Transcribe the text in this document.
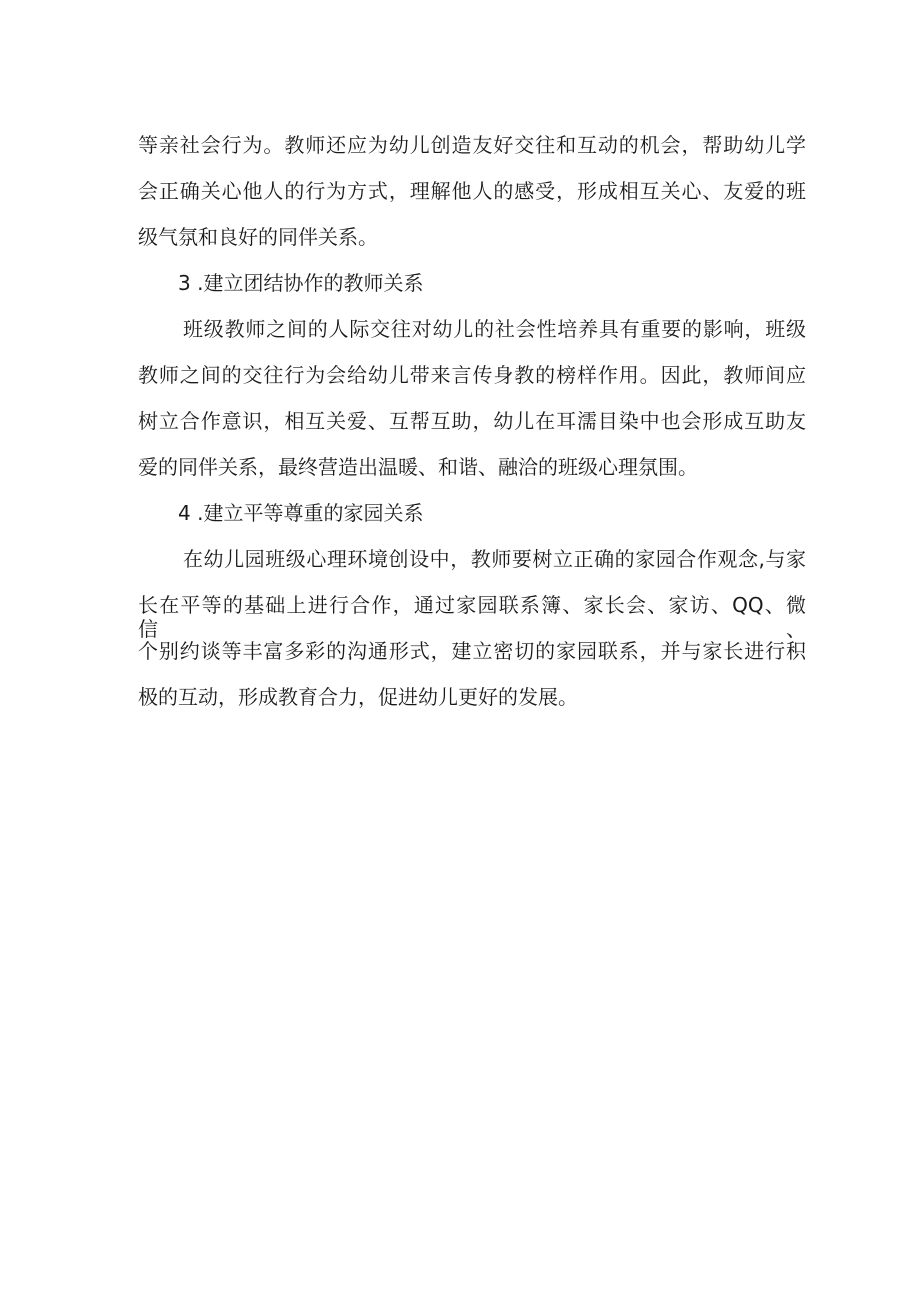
等亲社会行为。教师还应为幼儿创造友好交往和互动的机会，帮助幼儿学

会正确关心他人的行为方式，理解他人的感受，形成相互关心、友爱的班

级气氛和良好的同伴关系。

3 .建立团结协作的教师关系

班级教师之间的人际交往对幼儿的社会性培养具有重要的影响，班级

教师之间的交往行为会给幼儿带来言传身教的榜样作用。因此，教师间应

树立合作意识，相互关爱、互帮互助，幼儿在耳濡目染中也会形成互助友

爱的同伴关系，最终营造出温暖、和谐、融洽的班级心理氛围。

4 .建立平等尊重的家园关系

在幼儿园班级心理环境创设中，教师要树立正确的家园合作观念,与家

长在平等的基础上进行合作，通过家园联系簿、家长会、家访、QQ、微信、

个别约谈等丰富多彩的沟通形式，建立密切的家园联系，并与家长进行积

极的互动，形成教育合力，促进幼儿更好的发展。
